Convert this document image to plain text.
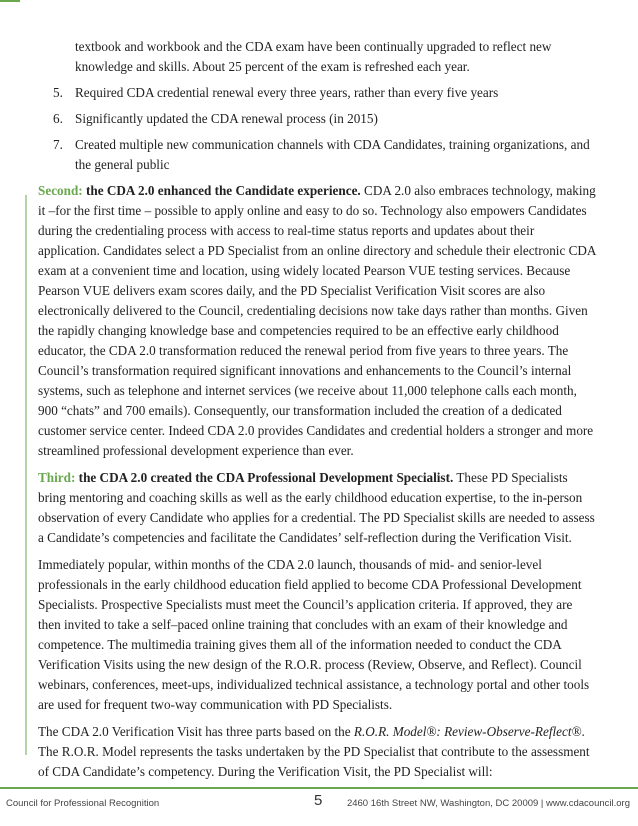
textbook and workbook and the CDA exam have been continually upgraded to reflect new knowledge and skills. About 25 percent of the exam is refreshed each year.
5. Required CDA credential renewal every three years, rather than every five years
6. Significantly updated the CDA renewal process (in 2015)
7. Created multiple new communication channels with CDA Candidates, training organizations, and the general public

Second: the CDA 2.0 enhanced the Candidate experience. CDA 2.0 also embraces technology, making it –for the first time – possible to apply online and easy to do so. Technology also empowers Candidates during the credentialing process with access to real-time status reports and updates about their application. Candidates select a PD Specialist from an online directory and schedule their electronic CDA exam at a convenient time and location, using widely located Pearson VUE testing services. Because Pearson VUE delivers exam scores daily, and the PD Specialist Verification Visit scores are also electronically delivered to the Council, credentialing decisions now take days rather than months. Given the rapidly changing knowledge base and competencies required to be an effective early childhood educator, the CDA 2.0 transformation reduced the renewal period from five years to three years. The Council’s transformation required significant innovations and enhancements to the Council’s internal systems, such as telephone and internet services (we receive about 11,000 telephone calls each month, 900 “chats” and 700 emails). Consequently, our transformation included the creation of a dedicated customer service center. Indeed CDA 2.0 provides Candidates and credential holders a stronger and more streamlined professional development experience than ever.

Third: the CDA 2.0 created the CDA Professional Development Specialist. These PD Specialists bring mentoring and coaching skills as well as the early childhood education expertise, to the in-person observation of every Candidate who applies for a credential. The PD Specialist skills are needed to assess a Candidate’s competencies and facilitate the Candidates’ self-reflection during the Verification Visit.

Immediately popular, within months of the CDA 2.0 launch, thousands of mid- and senior-level professionals in the early childhood education field applied to become CDA Professional Development Specialists. Prospective Specialists must meet the Council’s application criteria. If approved, they are then invited to take a self–paced online training that concludes with an exam of their knowledge and competence. The multimedia training gives them all of the information needed to conduct the CDA Verification Visits using the new design of the R.O.R. process (Review, Observe, and Reflect). Council webinars, conferences, meet-ups, individualized technical assistance, a technology portal and other tools are used for frequent two-way communication with PD Specialists.

The CDA 2.0 Verification Visit has three parts based on the R.O.R. Model®: Review-Observe-Reflect®. The R.O.R. Model represents the tasks undertaken by the PD Specialist that contribute to the assessment of CDA Candidate’s competency. During the Verification Visit, the PD Specialist will:

Council for Professional Recognition	5	2460 16th Street NW, Washington, DC 20009 | www.cdacouncil.org
